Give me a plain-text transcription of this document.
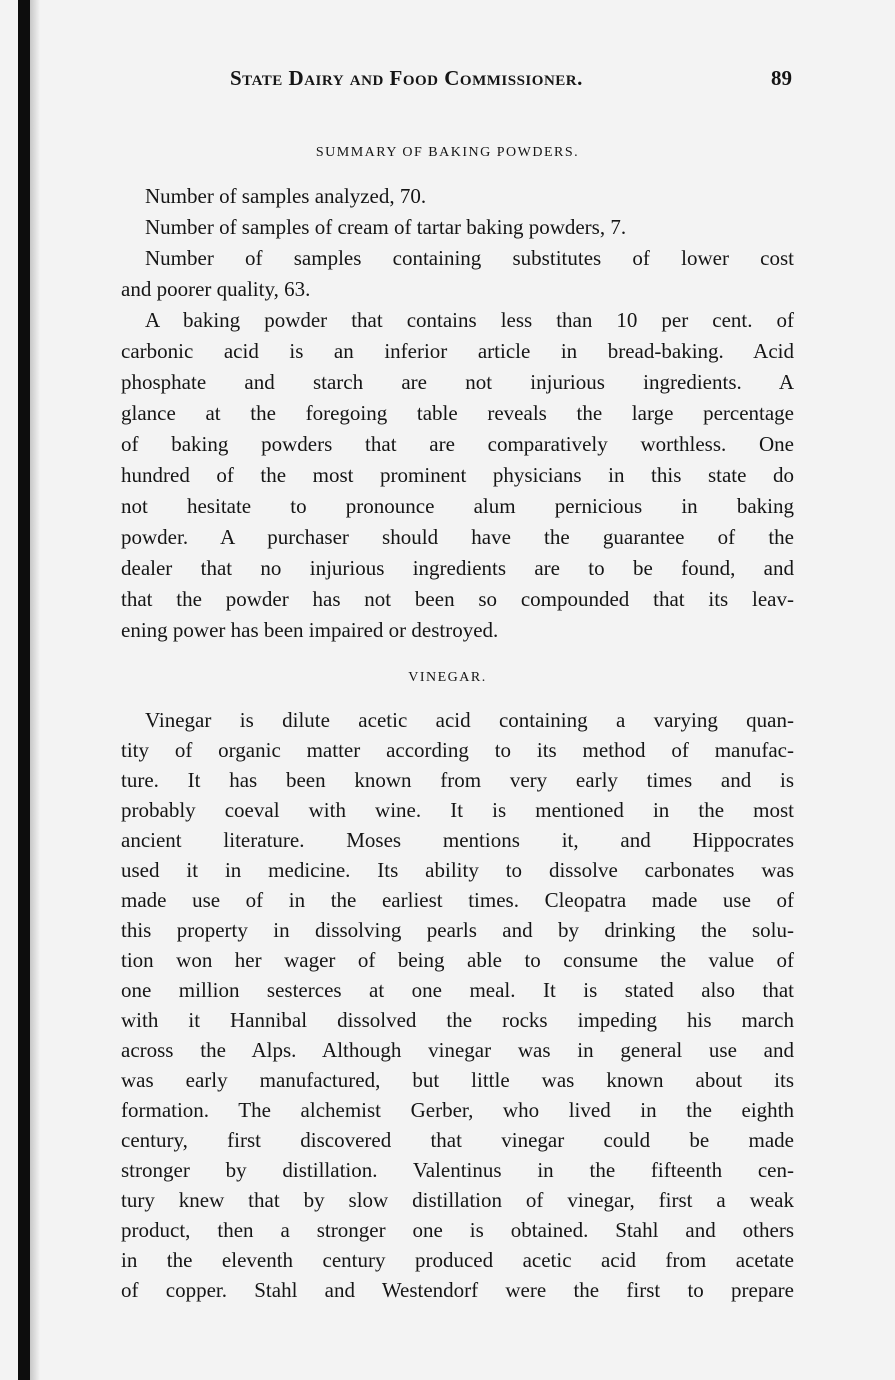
State Dairy and Food Commissioner.	89
SUMMARY OF BAKING POWDERS.
Number of samples analyzed, 70.
Number of samples of cream of tartar baking powders, 7.
Number of samples containing substitutes of lower cost
and poorer quality, 63.
A baking powder that contains less than 10 per cent. of
carbonic acid is an inferior article in bread-baking. Acid
phosphate and starch are not injurious ingredients. A
glance at the foregoing table reveals the large percentage
of baking powders that are comparatively worthless. One
hundred of the most prominent physicians in this state do
not hesitate to pronounce alum pernicious in baking
powder. A purchaser should have the guarantee of the
dealer that no injurious ingredients are to be found, and
that the powder has not been so compounded that its leav-
ening power has been impaired or destroyed.
VINEGAR.
Vinegar is dilute acetic acid containing a varying quan-
tity of organic matter according to its method of manufac-
ture. It has been known from very early times and is
probably coeval with wine. It is mentioned in the most
ancient literature. Moses mentions it, and Hippocrates
used it in medicine. Its ability to dissolve carbonates was
made use of in the earliest times. Cleopatra made use of
this property in dissolving pearls and by drinking the solu-
tion won her wager of being able to consume the value of
one million sesterces at one meal. It is stated also that
with it Hannibal dissolved the rocks impeding his march
across the Alps. Although vinegar was in general use and
was early manufactured, but little was known about its
formation. The alchemist Gerber, who lived in the eighth
century, first discovered that vinegar could be made
stronger by distillation. Valentinus in the fifteenth cen-
tury knew that by slow distillation of vinegar, first a weak
product, then a stronger one is obtained. Stahl and others
in the eleventh century produced acetic acid from acetate
of copper. Stahl and Westendorf were the first to prepare
